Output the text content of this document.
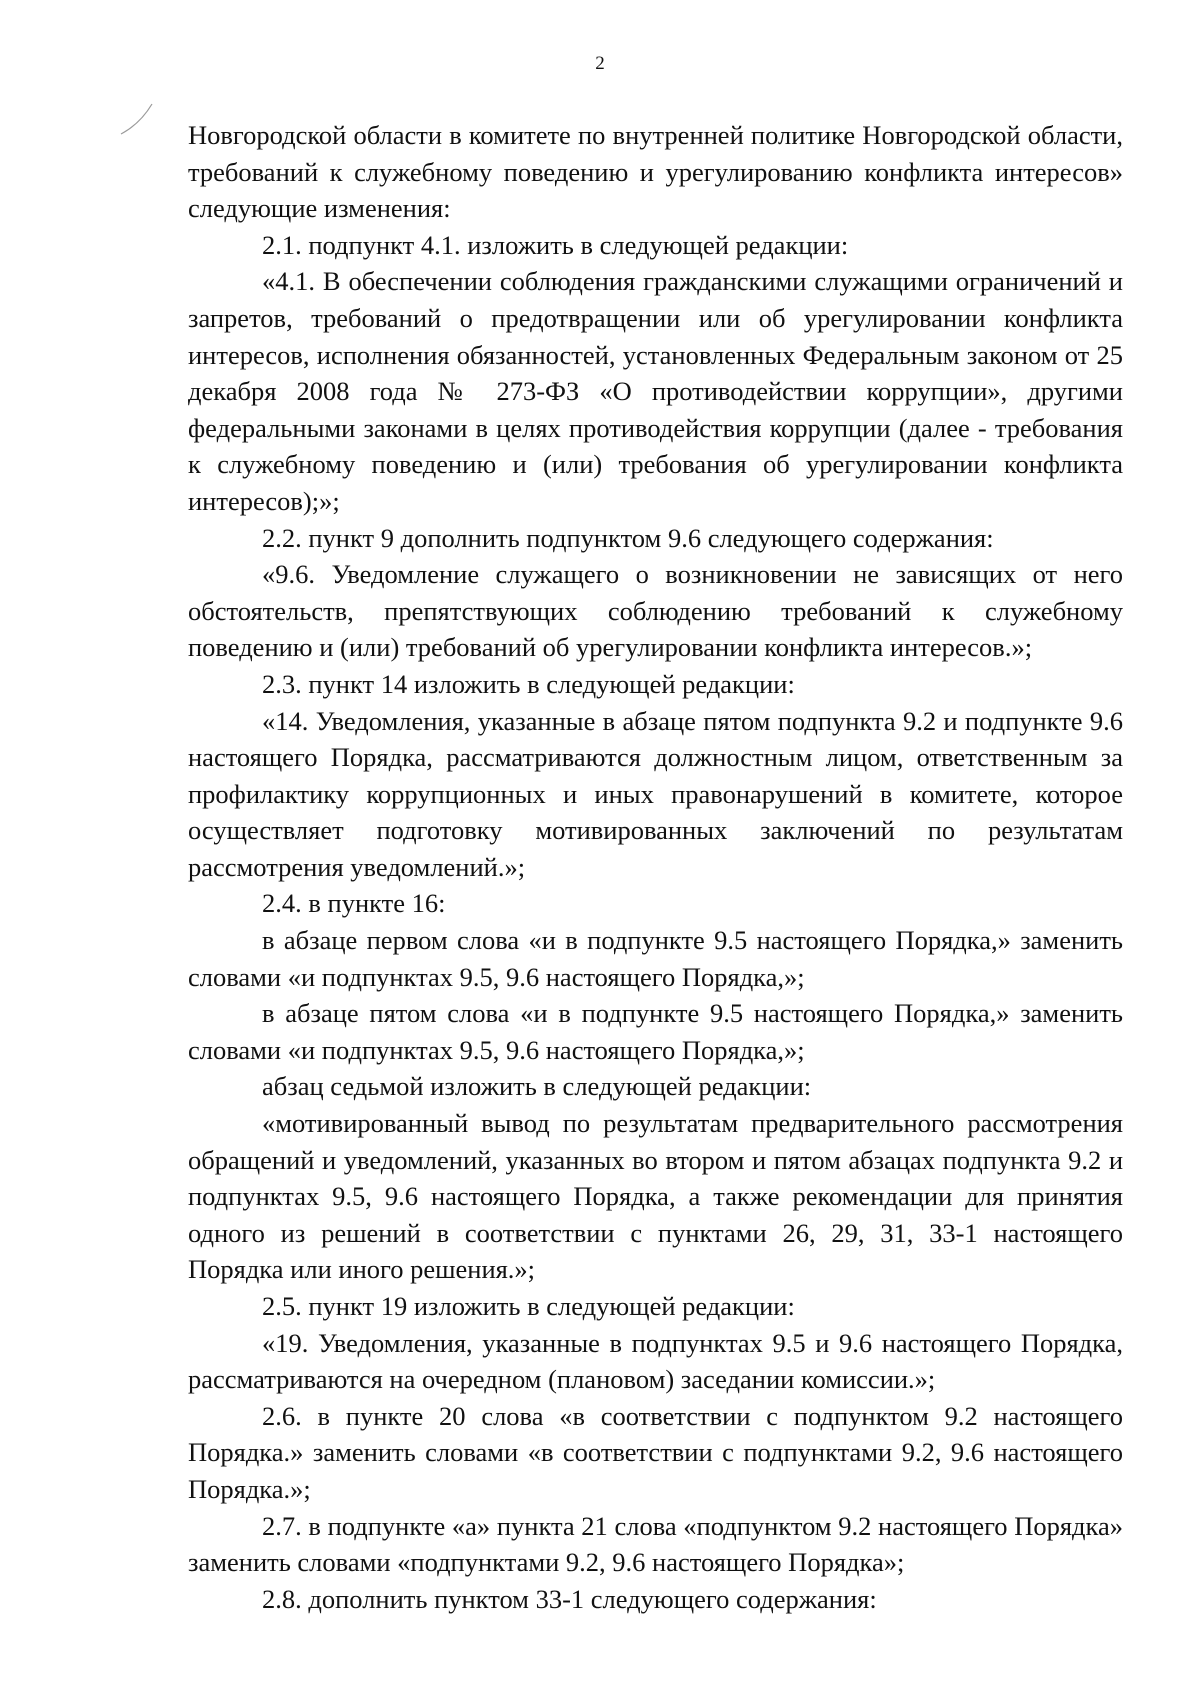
2

Новгородской области в комитете по внутренней политике Новгородской области, требований к служебному поведению и урегулированию конфликта интересов» следующие изменения:

2.1. подпункт 4.1. изложить в следующей редакции:

«4.1. В обеспечении соблюдения гражданскими служащими ограничений и запретов, требований о предотвращении или об урегулировании конфликта интересов, исполнения обязанностей, установленных Федеральным законом от 25 декабря 2008 года № 273-ФЗ «О противодействии коррупции», другими федеральными законами в целях противодействия коррупции (далее - требования к служебному поведению и (или) требования об урегулировании конфликта интересов);»;

2.2. пункт 9 дополнить подпунктом 9.6 следующего содержания:

«9.6. Уведомление служащего о возникновении не зависящих от него обстоятельств, препятствующих соблюдению требований к служебному поведению и (или) требований об урегулировании конфликта интересов.»;

2.3. пункт 14 изложить в следующей редакции:

«14. Уведомления, указанные в абзаце пятом подпункта 9.2 и подпункте 9.6 настоящего Порядка, рассматриваются должностным лицом, ответственным за профилактику коррупционных и иных правонарушений в комитете, которое осуществляет подготовку мотивированных заключений по результатам рассмотрения уведомлений.»;

2.4. в пункте 16:

в абзаце первом слова «и в подпункте 9.5 настоящего Порядка,» заменить словами «и подпунктах 9.5, 9.6 настоящего Порядка,»;

в абзаце пятом слова «и в подпункте 9.5 настоящего Порядка,» заменить словами «и подпунктах 9.5, 9.6 настоящего Порядка,»;

абзац седьмой изложить в следующей редакции:

«мотивированный вывод по результатам предварительного рассмотрения обращений и уведомлений, указанных во втором и пятом абзацах подпункта 9.2 и подпунктах 9.5, 9.6 настоящего Порядка, а также рекомендации для принятия одного из решений в соответствии с пунктами 26, 29, 31, 33-1 настоящего Порядка или иного решения.»;

2.5. пункт 19 изложить в следующей редакции:

«19. Уведомления, указанные в подпунктах 9.5 и 9.6 настоящего Порядка, рассматриваются на очередном (плановом) заседании комиссии.»;

2.6. в пункте 20 слова «в соответствии с подпунктом 9.2 настоящего Порядка.» заменить словами «в соответствии с подпунктами 9.2, 9.6 настоящего Порядка.»;

2.7. в подпункте «а» пункта 21 слова «подпунктом 9.2 настоящего Порядка» заменить словами «подпунктами 9.2, 9.6 настоящего Порядка»;

2.8. дополнить пунктом 33-1 следующего содержания:
